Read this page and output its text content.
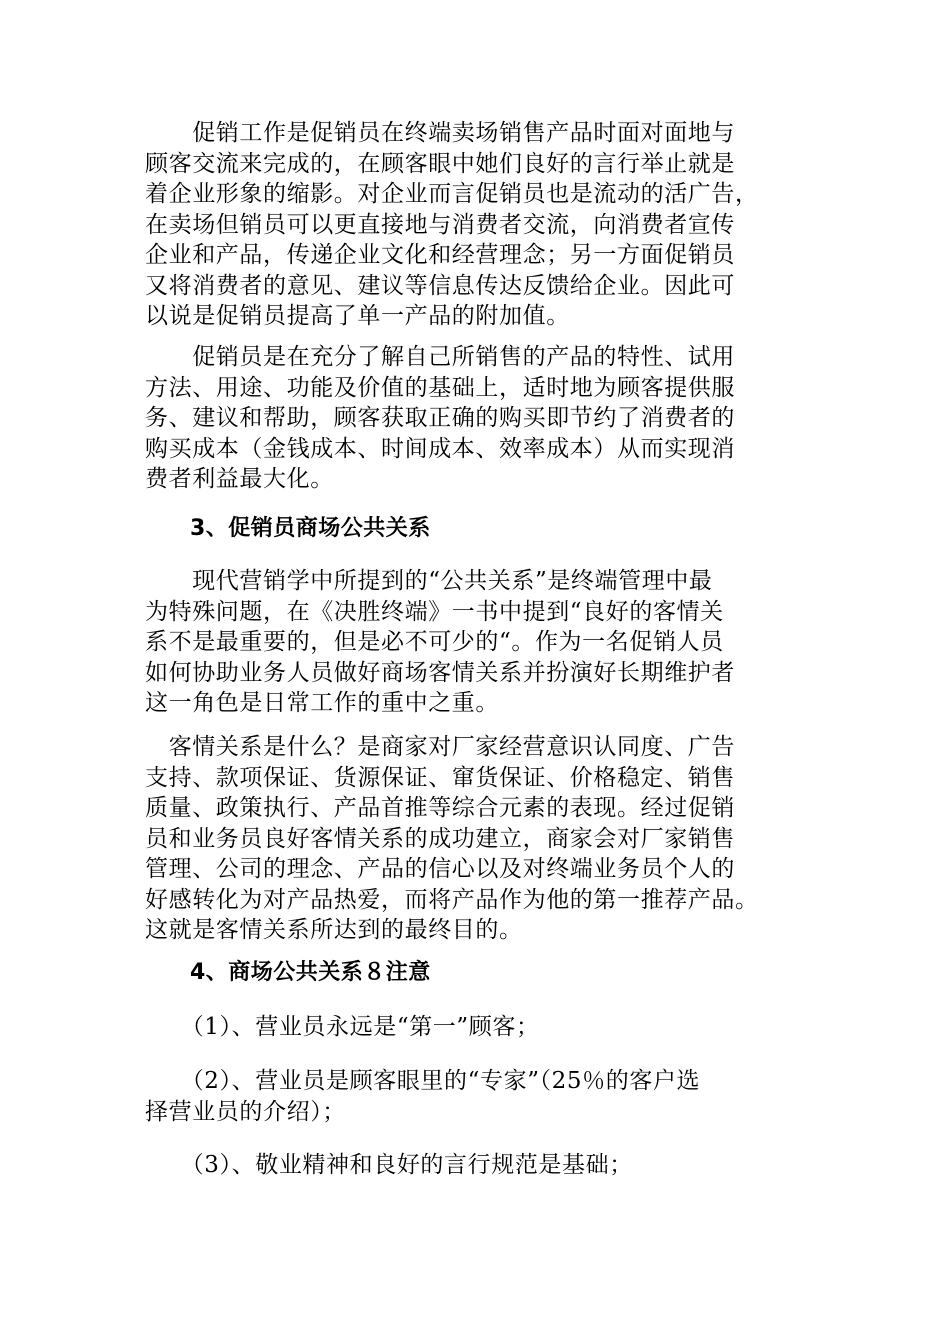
　　促销工作是促销员在终端卖场销售产品时面对面地与
顾客交流来完成的，在顾客眼中她们良好的言行举止就是
着企业形象的缩影。对企业而言促销员也是流动的活广告，
在卖场但销员可以更直接地与消费者交流，向消费者宣传
企业和产品，传递企业文化和经营理念；另一方面促销员
又将消费者的意见、建议等信息传达反馈给企业。因此可
以说是促销员提高了单一产品的附加值。

　　促销员是在充分了解自己所销售的产品的特性、试用
方法、用途、功能及价值的基础上，适时地为顾客提供服
务、建议和帮助，顾客获取正确的购买即节约了消费者的
购买成本（金钱成本、时间成本、效率成本）从而实现消
费者利益最大化。

　　3、促销员商场公共关系

　　现代营销学中所提到的“公共关系”是终端管理中最
为特殊问题，在《决胜终端》一书中提到“良好的客情关
系不是最重要的，但是必不可少的“。作为一名促销人员
如何协助业务人员做好商场客情关系并扮演好长期维护者
这一角色是日常工作的重中之重。

　客情关系是什么？是商家对厂家经营意识认同度、广告
支持、款项保证、货源保证、窜货保证、价格稳定、销售
质量、政策执行、产品首推等综合元素的表现。经过促销
员和业务员良好客情关系的成功建立，商家会对厂家销售
管理、公司的理念、产品的信心以及对终端业务员个人的
好感转化为对产品热爱，而将产品作为他的第一推荐产品。
这就是客情关系所达到的最终目的。

　　4、商场公共关系８注意

　　（1）、营业员永远是“第一”顾客；

　　（2）、营业员是顾客眼里的“专家”（25％的客户选
择营业员的介绍）；

　　（3）、敬业精神和良好的言行规范是基础；
